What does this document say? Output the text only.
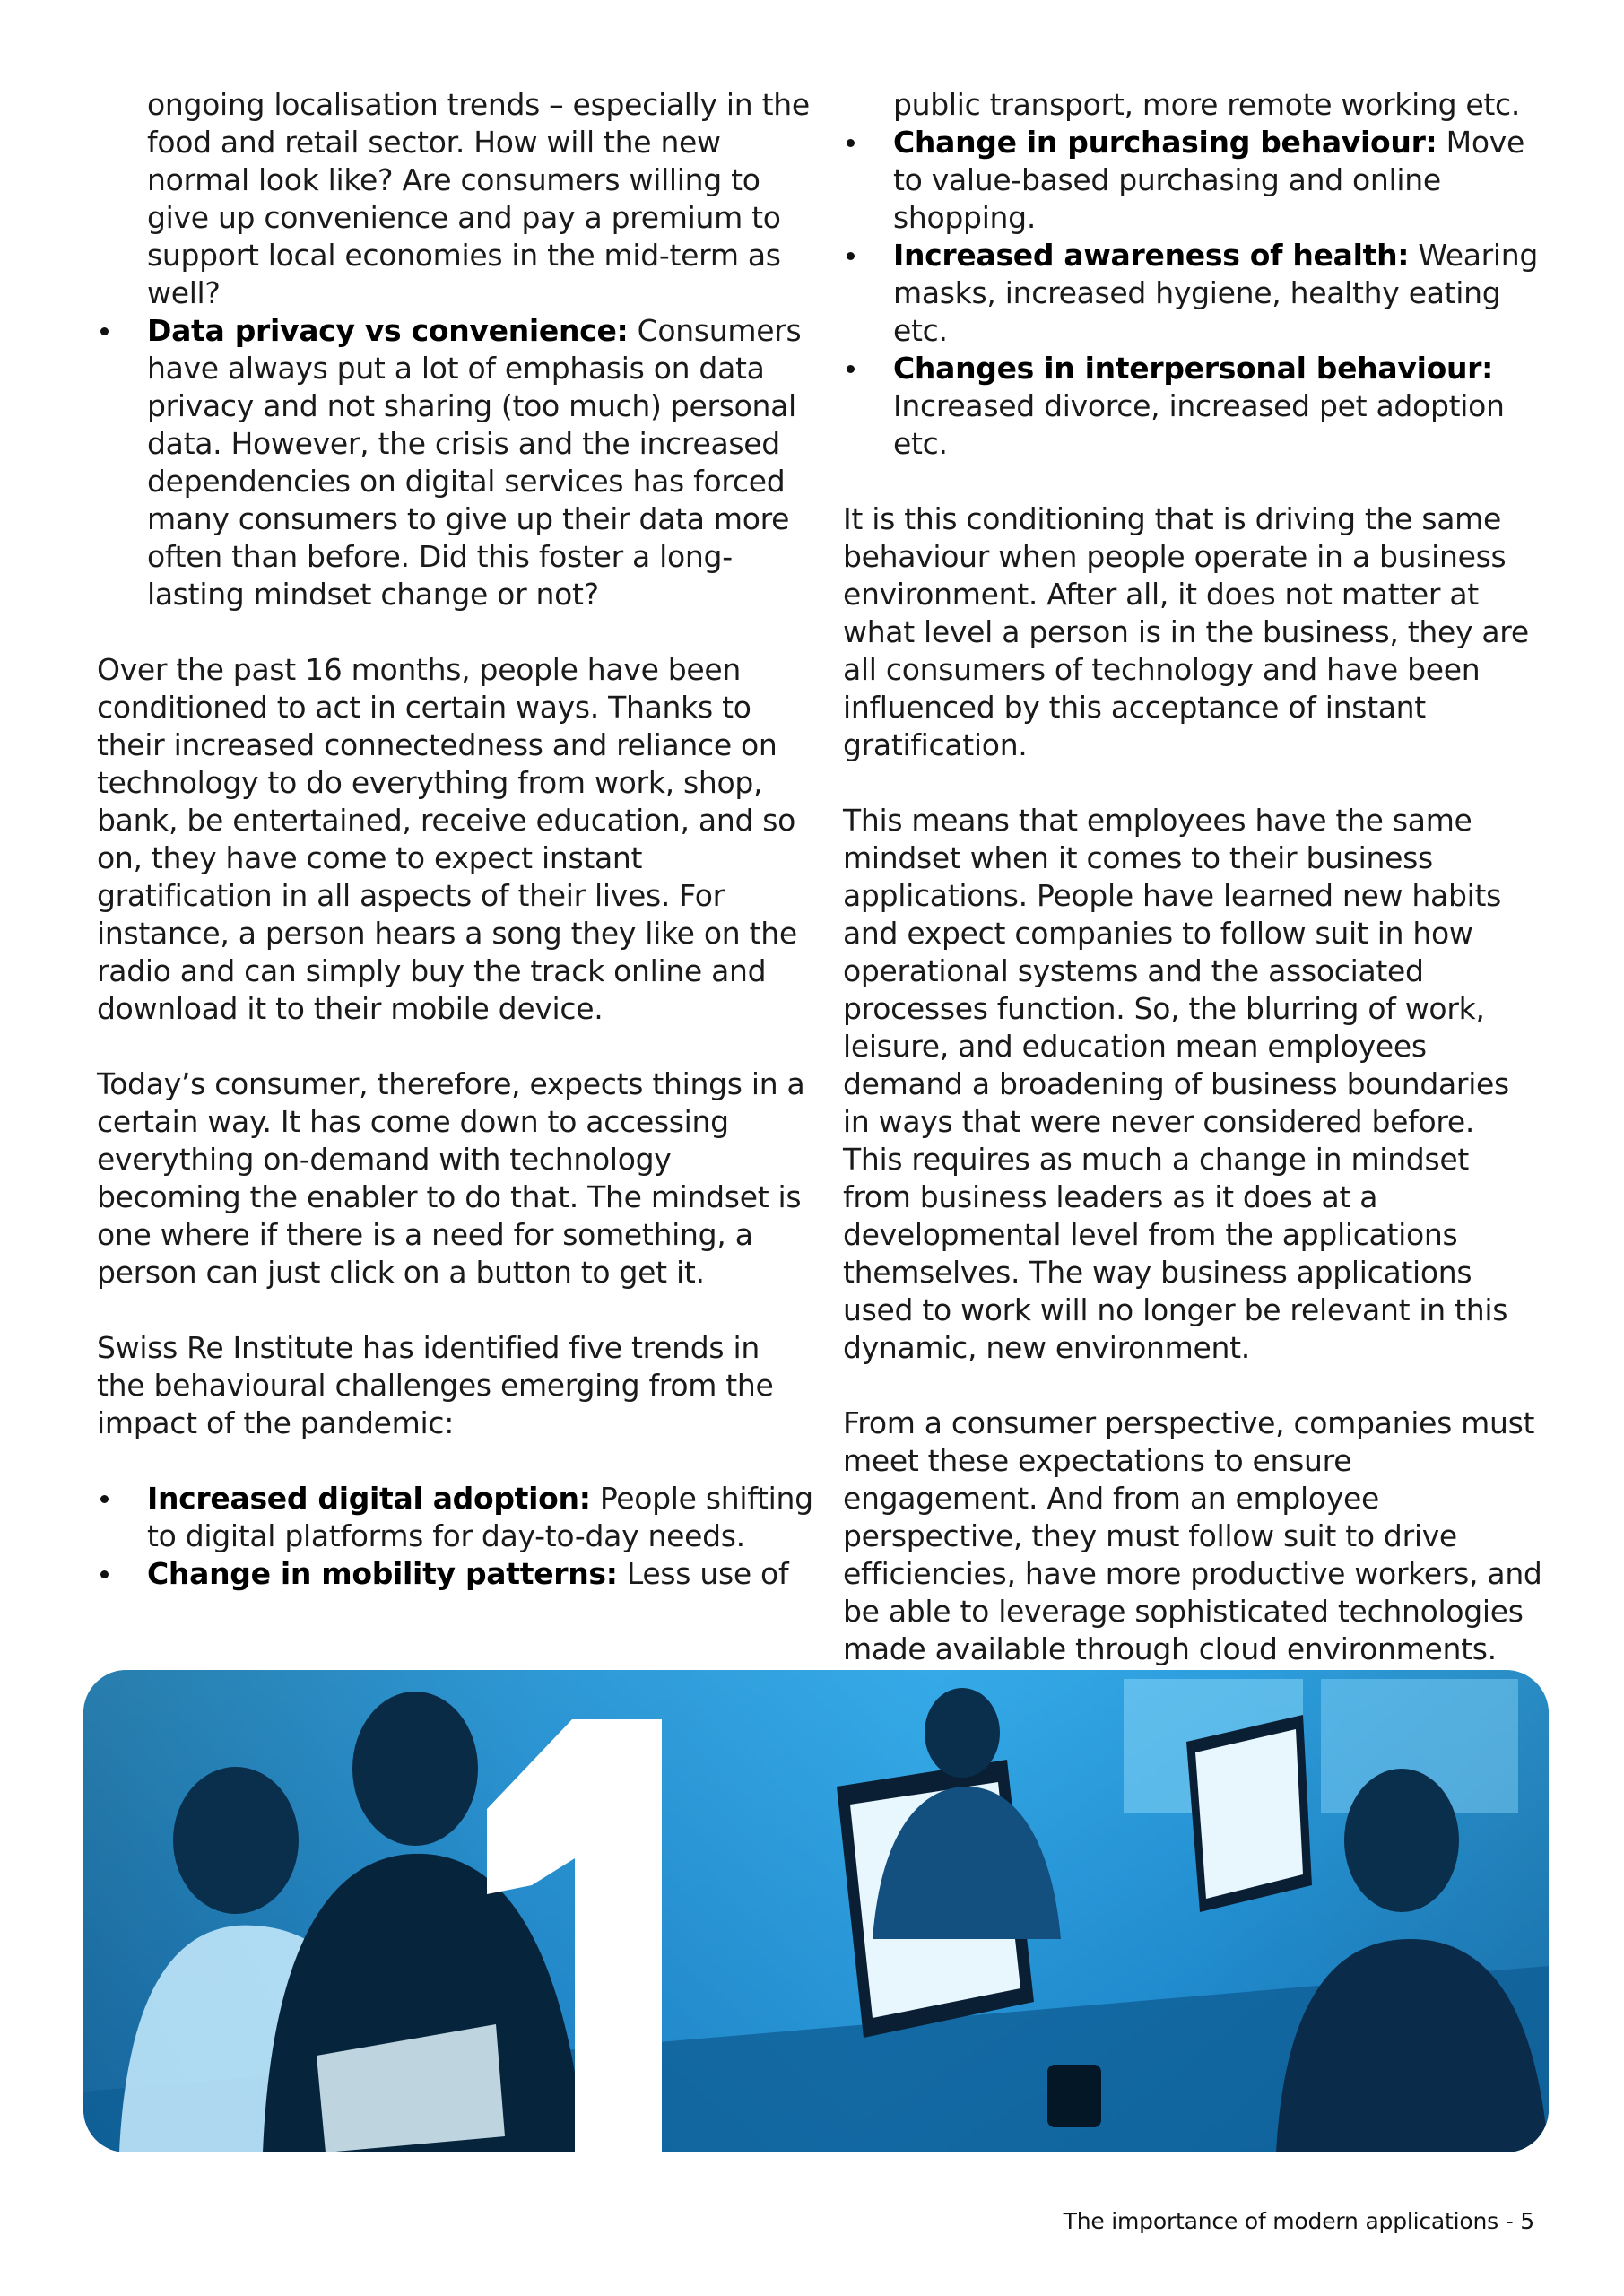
ongoing localisation trends – especially in the food and retail sector. How will the new normal look like? Are consumers willing to give up convenience and pay a premium to support local economies in the mid-term as well?

Data privacy vs convenience: Consumers have always put a lot of emphasis on data privacy and not sharing (too much) personal data. However, the crisis and the increased dependencies on digital services has forced many consumers to give up their data more often than before. Did this foster a long-lasting mindset change or not?

Over the past 16 months, people have been conditioned to act in certain ways. Thanks to their increased connectedness and reliance on technology to do everything from work, shop, bank, be entertained, receive education, and so on, they have come to expect instant gratification in all aspects of their lives. For instance, a person hears a song they like on the radio and can simply buy the track online and download it to their mobile device.

Today’s consumer, therefore, expects things in a certain way. It has come down to accessing everything on-demand with technology becoming the enabler to do that. The mindset is one where if there is a need for something, a person can just click on a button to get it.

Swiss Re Institute has identified five trends in the behavioural challenges emerging from the impact of the pandemic:

Increased digital adoption: People shifting to digital platforms for day-to-day needs.
Change in mobility patterns: Less use of

public transport, more remote working etc.

Change in purchasing behaviour: Move to value-based purchasing and online shopping.
Increased awareness of health: Wearing masks, increased hygiene, healthy eating etc.
Changes in interpersonal behaviour: Increased divorce, increased pet adoption etc.

It is this conditioning that is driving the same behaviour when people operate in a business environment. After all, it does not matter at what level a person is in the business, they are all consumers of technology and have been influenced by this acceptance of instant gratification.

This means that employees have the same mindset when it comes to their business applications. People have learned new habits and expect companies to follow suit in how operational systems and the associated processes function. So, the blurring of work, leisure, and education mean employees demand a broadening of business boundaries in ways that were never considered before. This requires as much a change in mindset from business leaders as it does at a developmental level from the applications themselves. The way business applications used to work will no longer be relevant in this dynamic, new environment.

From a consumer perspective, companies must meet these expectations to ensure engagement. And from an employee perspective, they must follow suit to drive efficiencies, have more productive workers, and be able to leverage sophisticated technologies made available through cloud environments.

The importance of modern applications - 5
